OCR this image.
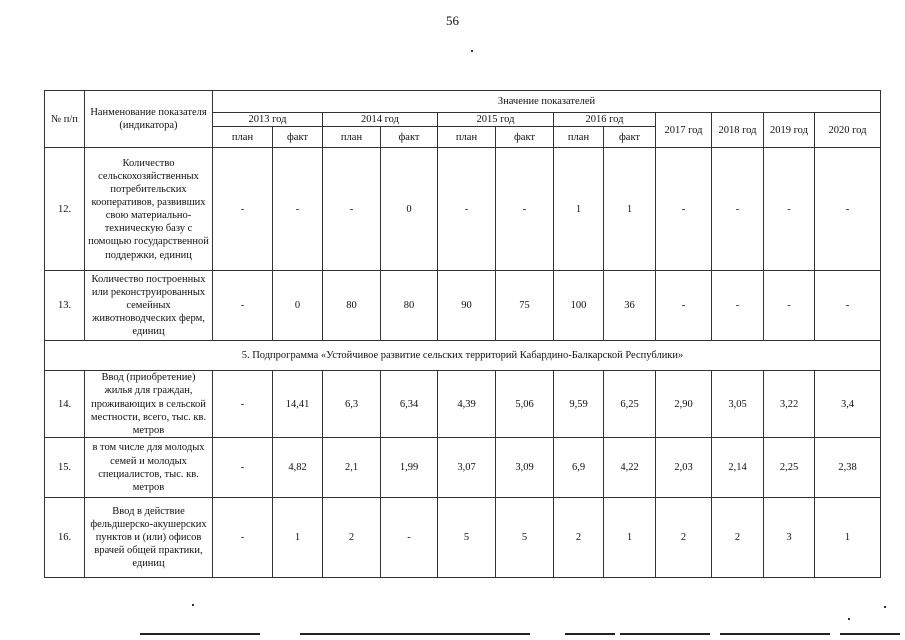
56
№ п/п	Нанменование показателя (индикатора)	Значение показателей											
		2013 год		2014 год		2015 год		2016 год		2017 год	2018 год	2019 год	2020 год
		план	факт	план	факт	план	факт	план	факт				
12.	Количество сельскохозяйственных потребительских кооперативов, развивших свою материально-техническую базу с помощью государственной поддержки, единиц	-	-	-	0	-	-	1	1	-	-	-	-
13.	Количество построенных или реконструированных семейных животноводческих ферм, единиц	-	0	80	80	90	75	100	36	-	-	-	-
5. Подпрограмма «Устойчивое развитие сельских территорий Кабардино-Балкарской Республики»													
14.	Ввод (приобретение) жилья для граждан, проживающих в сельской местности, всего, тыс. кв. метров	-	14,41	6,3	6,34	4,39	5,06	9,59	6,25	2,90	3,05	3,22	3,4
15.	в том числе для молодых семей и молодых специалистов, тыс. кв. метров	-	4,82	2,1	1,99	3,07	3,09	6,9	4,22	2,03	2,14	2,25	2,38
16.	Ввод в действие фельдшерско-акушерских пунктов и (или) офисов врачей общей практики, единиц	-	1	2	-	5	5	2	1	2	2	3	1
